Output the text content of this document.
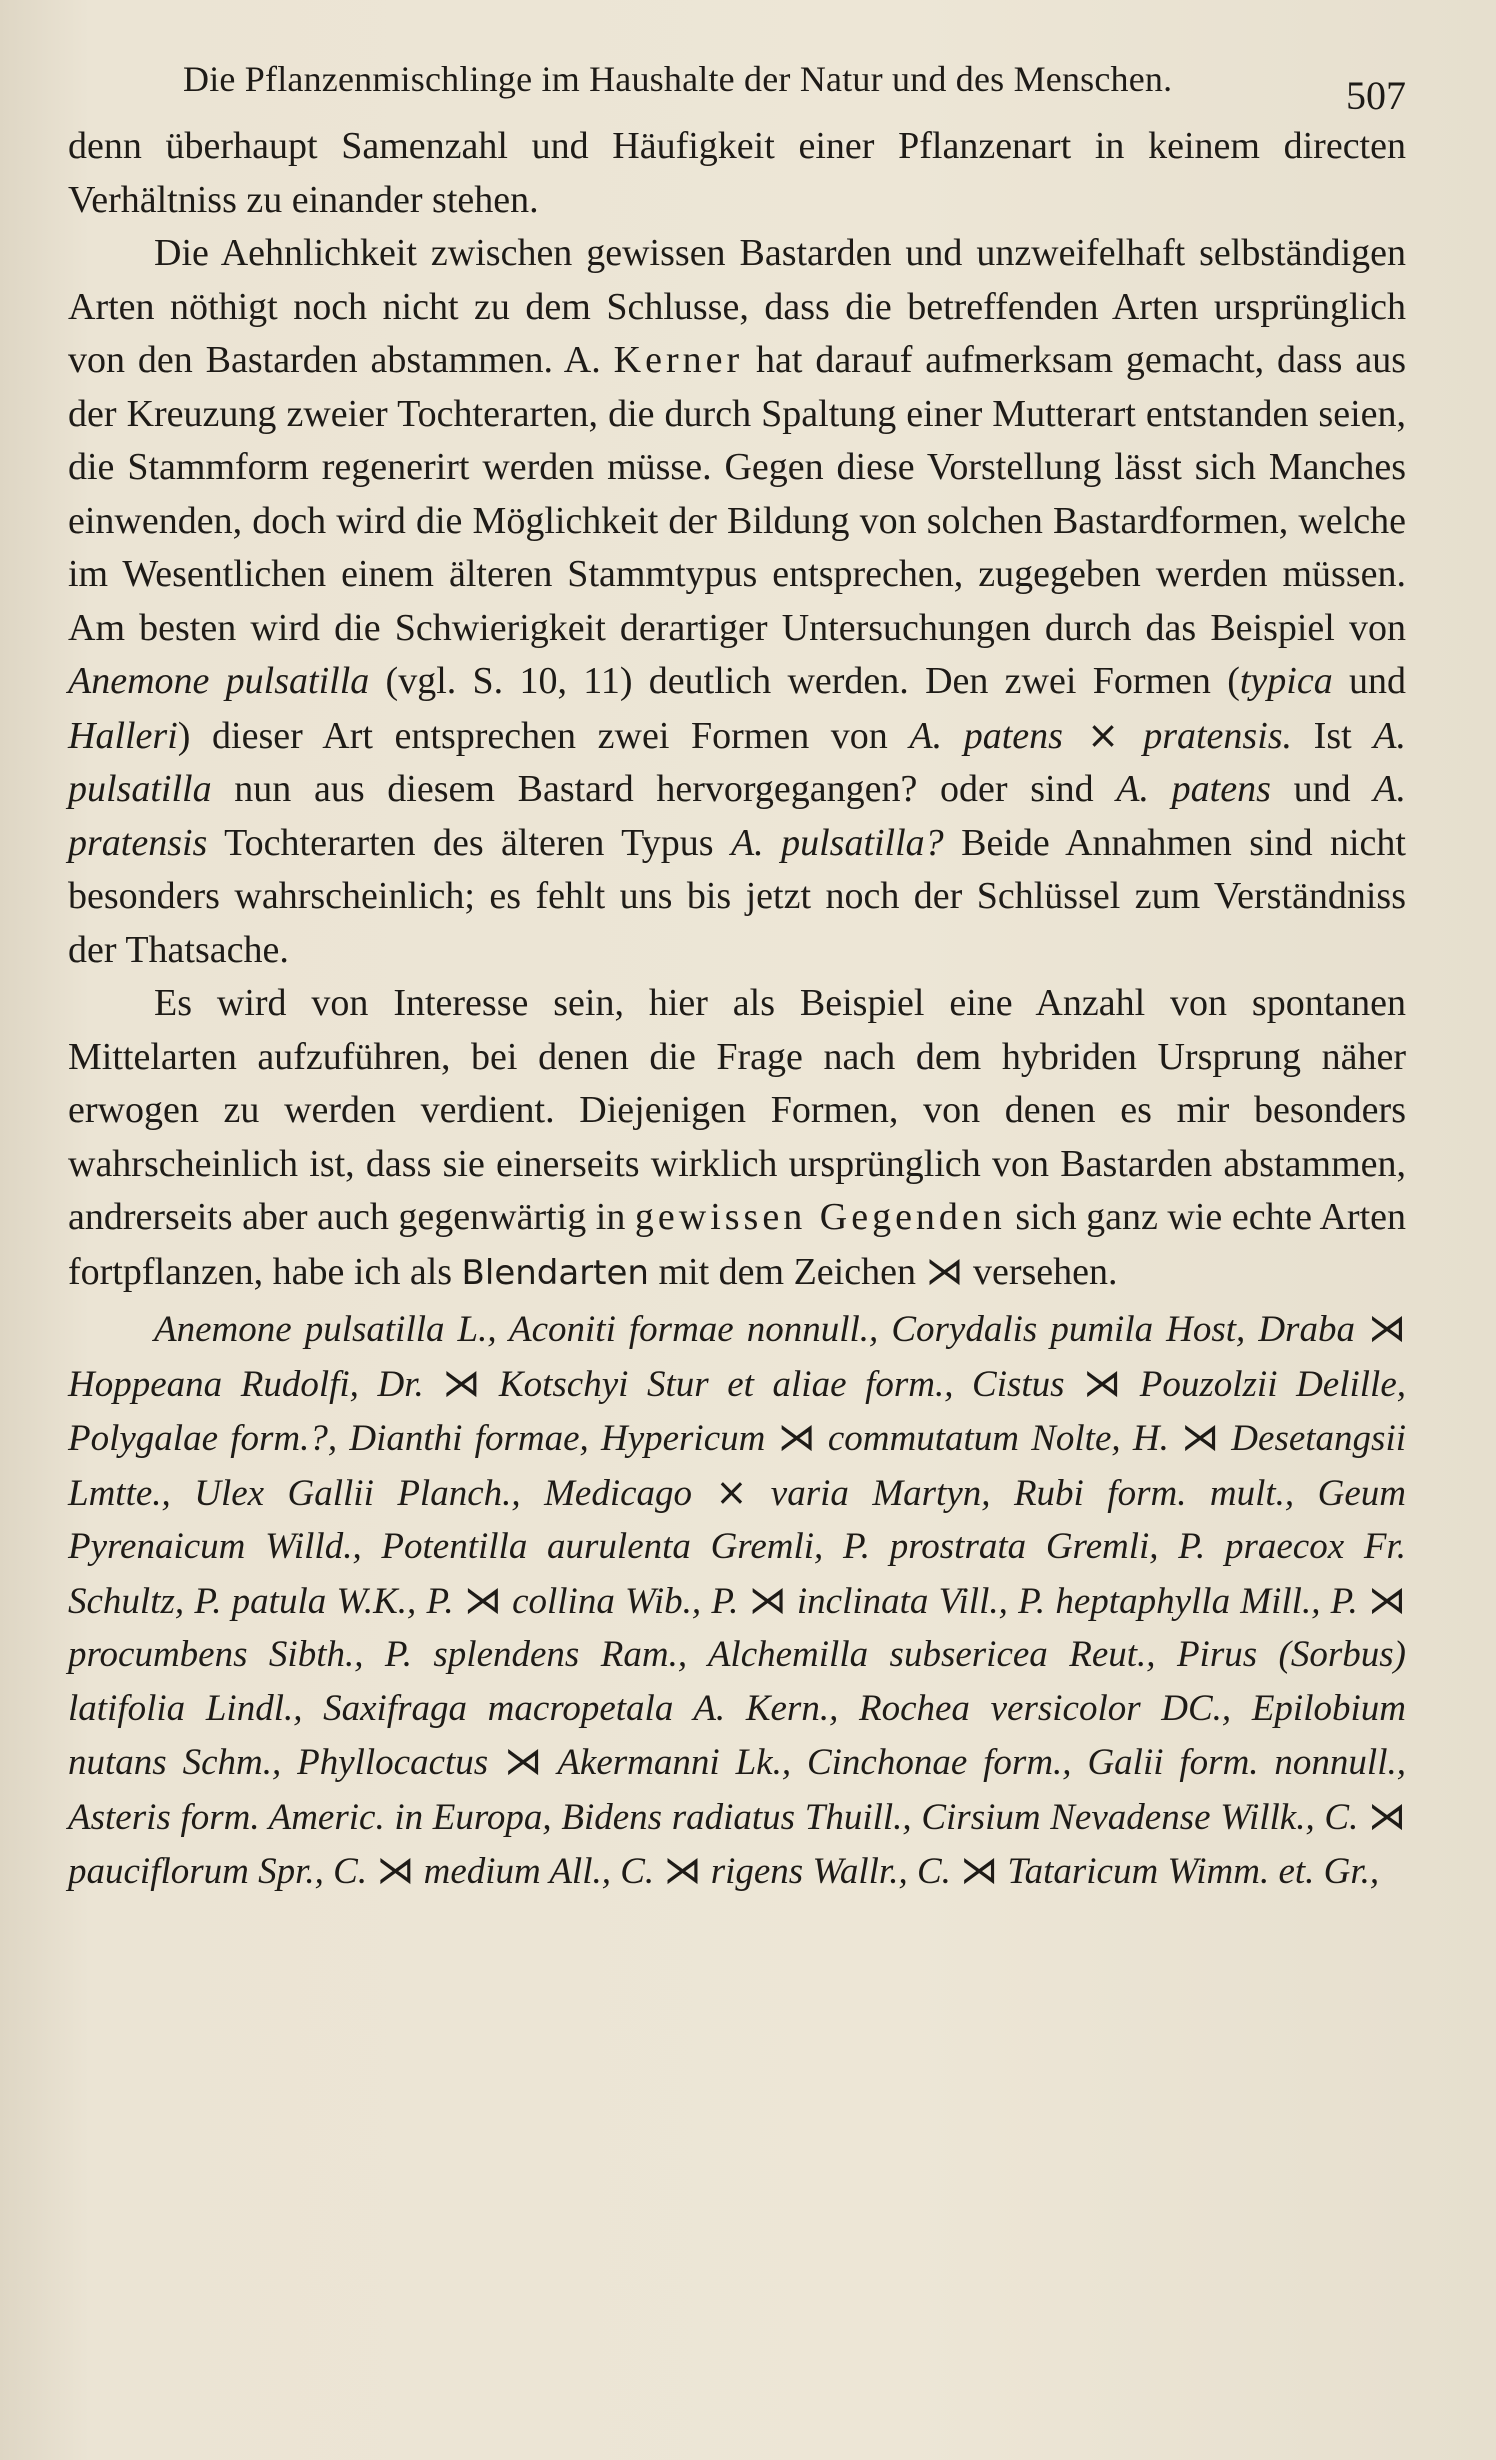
Die Pflanzenmischlinge im Haushalte der Natur und des Menschen.	507

denn überhaupt Samenzahl und Häufigkeit einer Pflanzenart in keinem directen Verhältniss zu einander stehen.

Die Aehnlichkeit zwischen gewissen Bastarden und unzweifelhaft selbständigen Arten nöthigt noch nicht zu dem Schlusse, dass die betreffenden Arten ursprünglich von den Bastarden abstammen. A. Kerner hat darauf aufmerksam gemacht, dass aus der Kreuzung zweier Tochterarten, die durch Spaltung einer Mutterart entstanden seien, die Stammform regenerirt werden müsse. Gegen diese Vorstellung lässt sich Manches einwenden, doch wird die Möglichkeit der Bildung von solchen Bastardformen, welche im Wesentlichen einem älteren Stammtypus entsprechen, zugegeben werden müssen. Am besten wird die Schwierigkeit derartiger Untersuchungen durch das Beispiel von Anemone pulsatilla (vgl. S. 10, 11) deutlich werden. Den zwei Formen (typica und Halleri) dieser Art entsprechen zwei Formen von A. patens × pratensis. Ist A. pulsatilla nun aus diesem Bastard hervorgegangen? oder sind A. patens und A. pratensis Tochterarten des älteren Typus A. pulsatilla? Beide Annahmen sind nicht besonders wahrscheinlich; es fehlt uns bis jetzt noch der Schlüssel zum Verständniss der Thatsache.

Es wird von Interesse sein, hier als Beispiel eine Anzahl von spontanen Mittelarten aufzuführen, bei denen die Frage nach dem hybriden Ursprung näher erwogen zu werden verdient. Diejenigen Formen, von denen es mir besonders wahrscheinlich ist, dass sie einerseits wirklich ursprünglich von Bastarden abstammen, andrerseits aber auch gegenwärtig in gewissen Gegenden sich ganz wie echte Arten fortpflanzen, habe ich als Blendarten mit dem Zeichen ⋊ versehen.

Anemone pulsatilla L., Aconiti formae nonnull., Corydalis pumila Host, Draba ⋊ Hoppeana Rudolfi, Dr. ⋊ Kotschyi Stur et aliae form., Cistus ⋊ Pouzolzii Delille, Polygalae form.?, Dianthi formae, Hypericum ⋊ commutatum Nolte, H. ⋊ Desetangsii Lmtte., Ulex Gallii Planch., Medicago × varia Martyn, Rubi form. mult., Geum Pyrenaicum Willd., Potentilla aurulenta Gremli, P. prostrata Gremli, P. praecox Fr. Schultz, P. patula W.K., P. ⋊ collina Wib., P. ⋊ inclinata Vill., P. heptaphylla Mill., P. ⋊ procumbens Sibth., P. splendens Ram., Alchemilla subsericea Reut., Pirus (Sorbus) latifolia Lindl., Saxifraga macropetala A. Kern., Rochea versicolor DC., Epilobium nutans Schm., Phyllocactus ⋊ Akermanni Lk., Cinchonae form., Galii form. nonnull., Asteris form. Americ. in Europa, Bidens radiatus Thuill., Cirsium Nevadense Willk., C. ⋊ pauciflorum Spr., C. ⋊ medium All., C. ⋊ rigens Wallr., C. ⋊ Tataricum Wimm. et. Gr.,
